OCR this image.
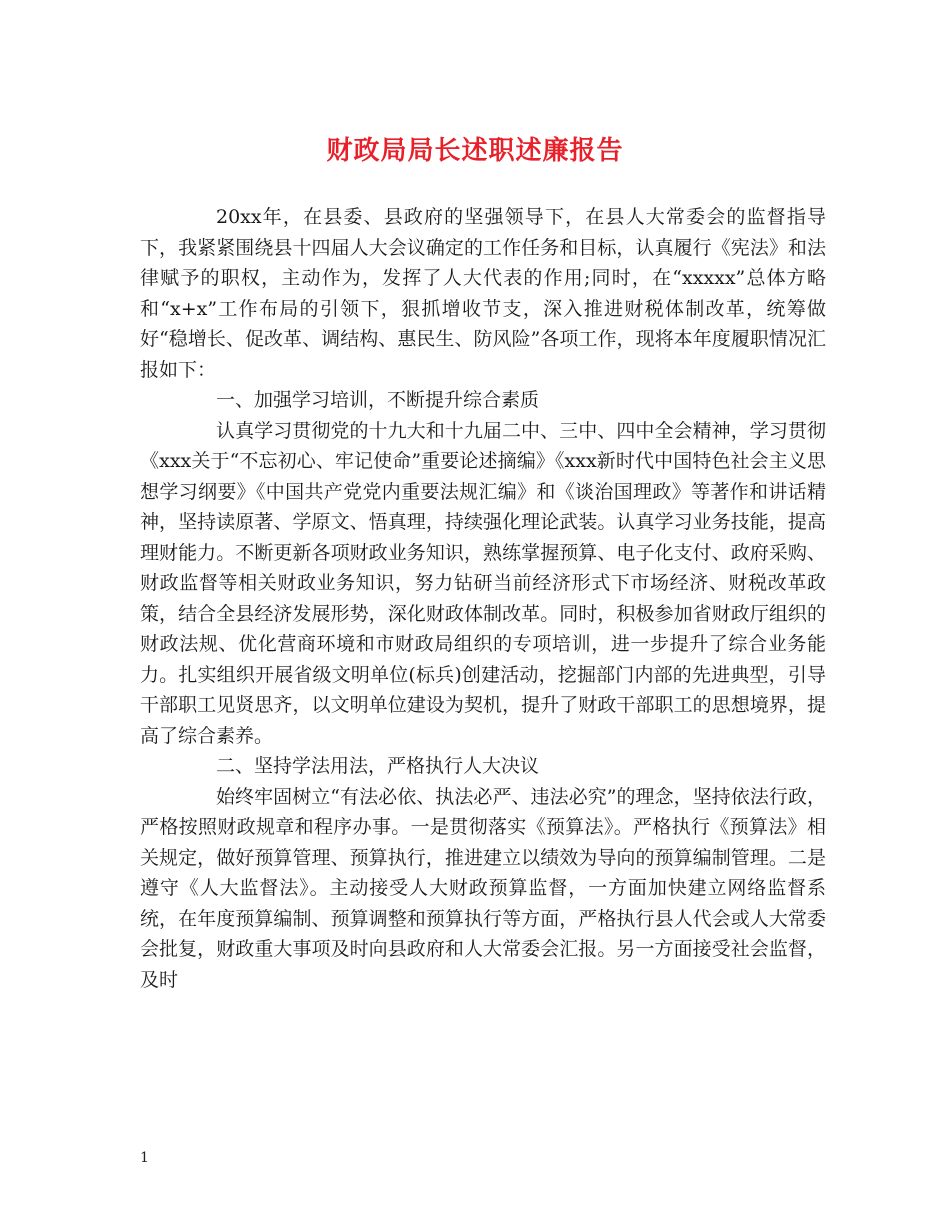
财政局局长述职述廉报告

20xx年，在县委、县政府的坚强领导下，在县人大常委会的监督指导下，我紧紧围绕县十四届人大会议确定的工作任务和目标，认真履行《宪法》和法律赋予的职权，主动作为，发挥了人大代表的作用;同时，在“xxxxx”总体方略和“x+x”工作布局的引领下，狠抓增收节支，深入推进财税体制改革，统筹做好“稳增长、促改革、调结构、惠民生、防风险”各项工作，现将本年度履职情况汇报如下：

一、加强学习培训，不断提升综合素质

认真学习贯彻党的十九大和十九届二中、三中、四中全会精神，学习贯彻《xxx关于“不忘初心、牢记使命”重要论述摘编》《xxx新时代中国特色社会主义思想学习纲要》《中国共产党党内重要法规汇编》和《谈治国理政》等著作和讲话精神，坚持读原著、学原文、悟真理，持续强化理论武装。认真学习业务技能，提高理财能力。不断更新各项财政业务知识，熟练掌握预算、电子化支付、政府采购、财政监督等相关财政业务知识，努力钻研当前经济形式下市场经济、财税改革政策，结合全县经济发展形势，深化财政体制改革。同时，积极参加省财政厅组织的财政法规、优化营商环境和市财政局组织的专项培训，进一步提升了综合业务能力。扎实组织开展省级文明单位(标兵)创建活动，挖掘部门内部的先进典型，引导干部职工见贤思齐，以文明单位建设为契机，提升了财政干部职工的思想境界，提高了综合素养。

二、坚持学法用法，严格执行人大决议

始终牢固树立“有法必依、执法必严、违法必究”的理念，坚持依法行政，严格按照财政规章和程序办事。一是贯彻落实《预算法》。严格执行《预算法》相关规定，做好预算管理、预算执行，推进建立以绩效为导向的预算编制管理。二是遵守《人大监督法》。主动接受人大财政预算监督，一方面加快建立网络监督系统，在年度预算编制、预算调整和预算执行等方面，严格执行县人代会或人大常委会批复，财政重大事项及时向县政府和人大常委会汇报。另一方面接受社会监督，及时

1
